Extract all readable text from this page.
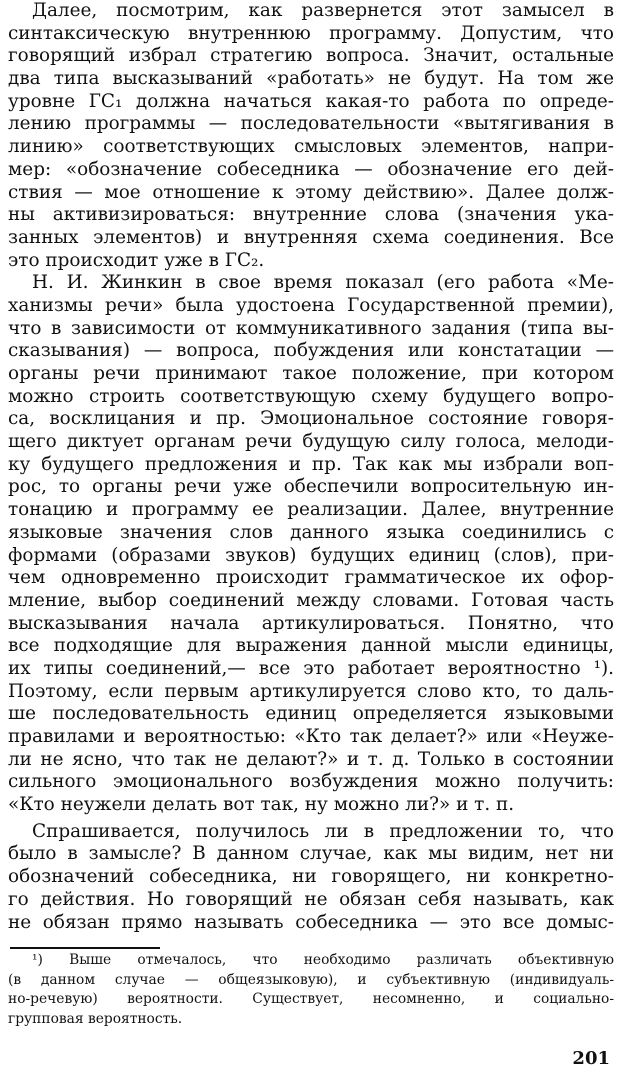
Далее, посмотрим, как развернется этот замысел в
синтаксическую внутреннюю программу. Допустим, что
говорящий избрал стратегию вопроса. Значит, остальные
два типа высказываний «работать» не будут. На том же
уровне ГС₁ должна начаться какая-то работа по опреде-
лению программы — последовательности «вытягивания в
линию» соответствующих смысловых элементов, напри-
мер: «обозначение собеседника — обозначение его дей-
ствия — мое отношение к этому действию». Далее долж-
ны активизироваться: внутренние слова (значения ука-
занных элементов) и внутренняя схема соединения. Все
это происходит уже в ГС₂.
Н. И. Жинкин в свое время показал (его работа «Ме-
ханизмы речи» была удостоена Государственной премии),
что в зависимости от коммуникативного задания (типа вы-
сказывания) — вопроса, побуждения или констатации —
органы речи принимают такое положение, при котором
можно строить соответствующую схему будущего вопро-
са, восклицания и пр. Эмоциональное состояние говоря-
щего диктует органам речи будущую силу голоса, мелоди-
ку будущего предложения и пр. Так как мы избрали воп-
рос, то органы речи уже обеспечили вопросительную ин-
тонацию и программу ее реализации. Далее, внутренние
языковые значения слов данного языка соединились с
формами (образами звуков) будущих единиц (слов), при-
чем одновременно происходит грамматическое их офор-
мление, выбор соединений между словами. Готовая часть
высказывания начала артикулироваться. Понятно, что
все подходящие для выражения данной мысли единицы,
их типы соединений,— все это работает вероятностно ¹).
Поэтому, если первым артикулируется слово кто, то даль-
ше последовательность единиц определяется языковыми
правилами и вероятностью: «Кто так делает?» или «Неуже-
ли не ясно, что так не делают?» и т. д. Только в состоянии
сильного эмоционального возбуждения можно получить:
«Кто неужели делать вот так, ну можно ли?» и т. п.
Спрашивается, получилось ли в предложении то, что
было в замысле? В данном случае, как мы видим, нет ни
обозначений собеседника, ни говорящего, ни конкретно-
го действия. Но говорящий не обязан себя называть, как
не обязан прямо называть собеседника — это все домыс-
¹) Выше отмечалось, что необходимо различать объективную
(в данном случае — общеязыковую), и субъективную (индивидуаль-
но-речевую) вероятности. Существует, несомненно, и социально-
групповая вероятность.
201
